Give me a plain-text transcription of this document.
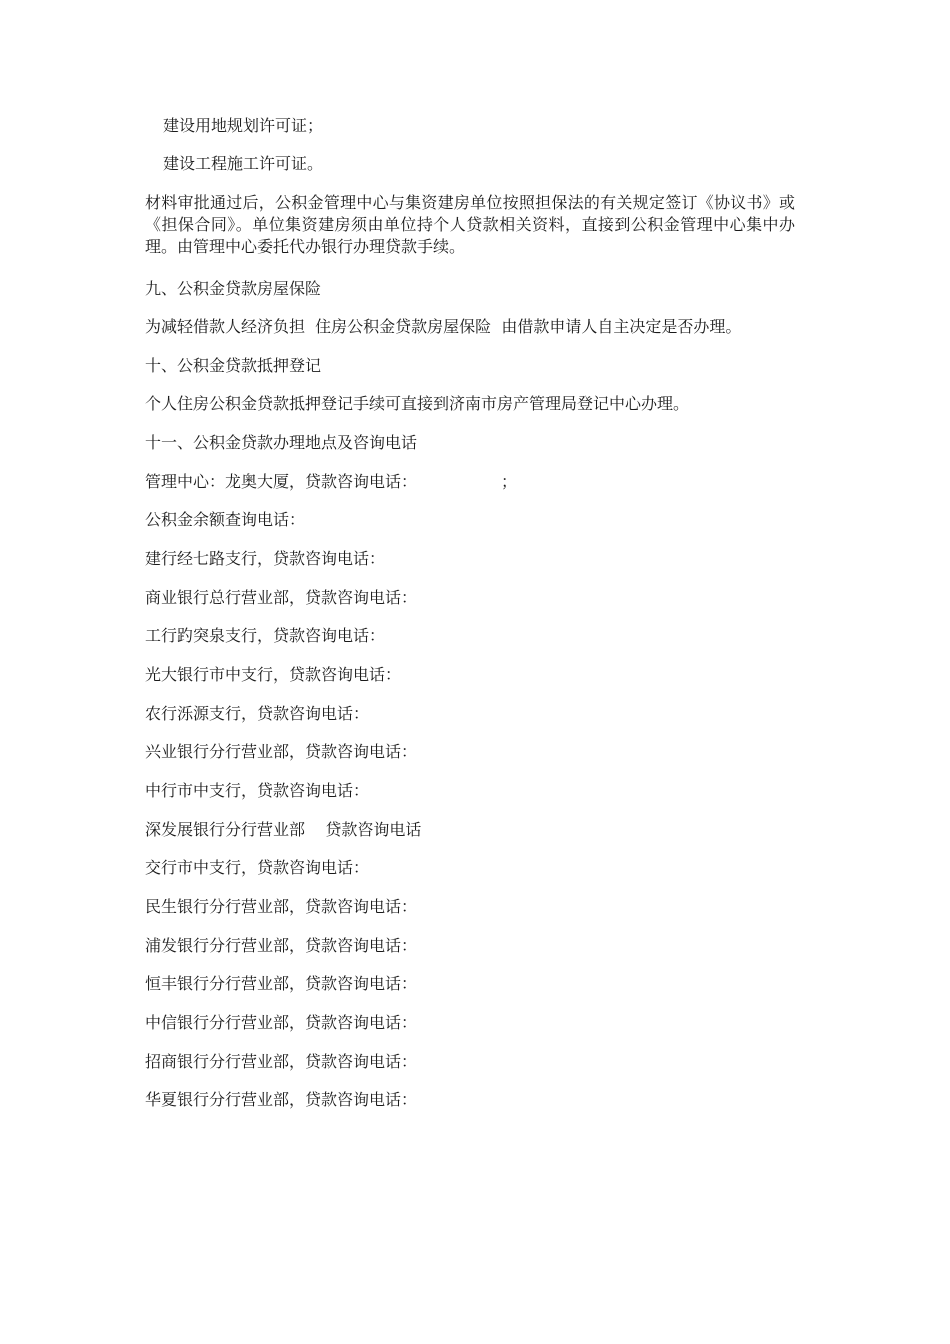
建设用地规划许可证；
建设工程施工许可证。
材料审批通过后，公积金管理中心与集资建房单位按照担保法的有关规定签订《协议书》或《担保合同》。单位集资建房须由单位持个人贷款相关资料，直接到公积金管理中心集中办理。由管理中心委托代办银行办理贷款手续。
九、公积金贷款房屋保险
为减轻借款人经济负担  住房公积金贷款房屋保险  由借款申请人自主决定是否办理。
十、公积金贷款抵押登记
个人住房公积金贷款抵押登记手续可直接到济南市房产管理局登记中心办理。
十一、公积金贷款办理地点及咨询电话
管理中心：龙奥大厦，贷款咨询电话：	；
公积金余额查询电话：
建行经七路支行，贷款咨询电话：
商业银行总行营业部，贷款咨询电话：
工行趵突泉支行，贷款咨询电话：
光大银行市中支行，贷款咨询电话：
农行泺源支行，贷款咨询电话：
兴业银行分行营业部，贷款咨询电话：
中行市中支行，贷款咨询电话：
深发展银行分行营业部    贷款咨询电话
交行市中支行，贷款咨询电话：
民生银行分行营业部，贷款咨询电话：
浦发银行分行营业部，贷款咨询电话：
恒丰银行分行营业部，贷款咨询电话：
中信银行分行营业部，贷款咨询电话：
招商银行分行营业部，贷款咨询电话：
华夏银行分行营业部，贷款咨询电话：
